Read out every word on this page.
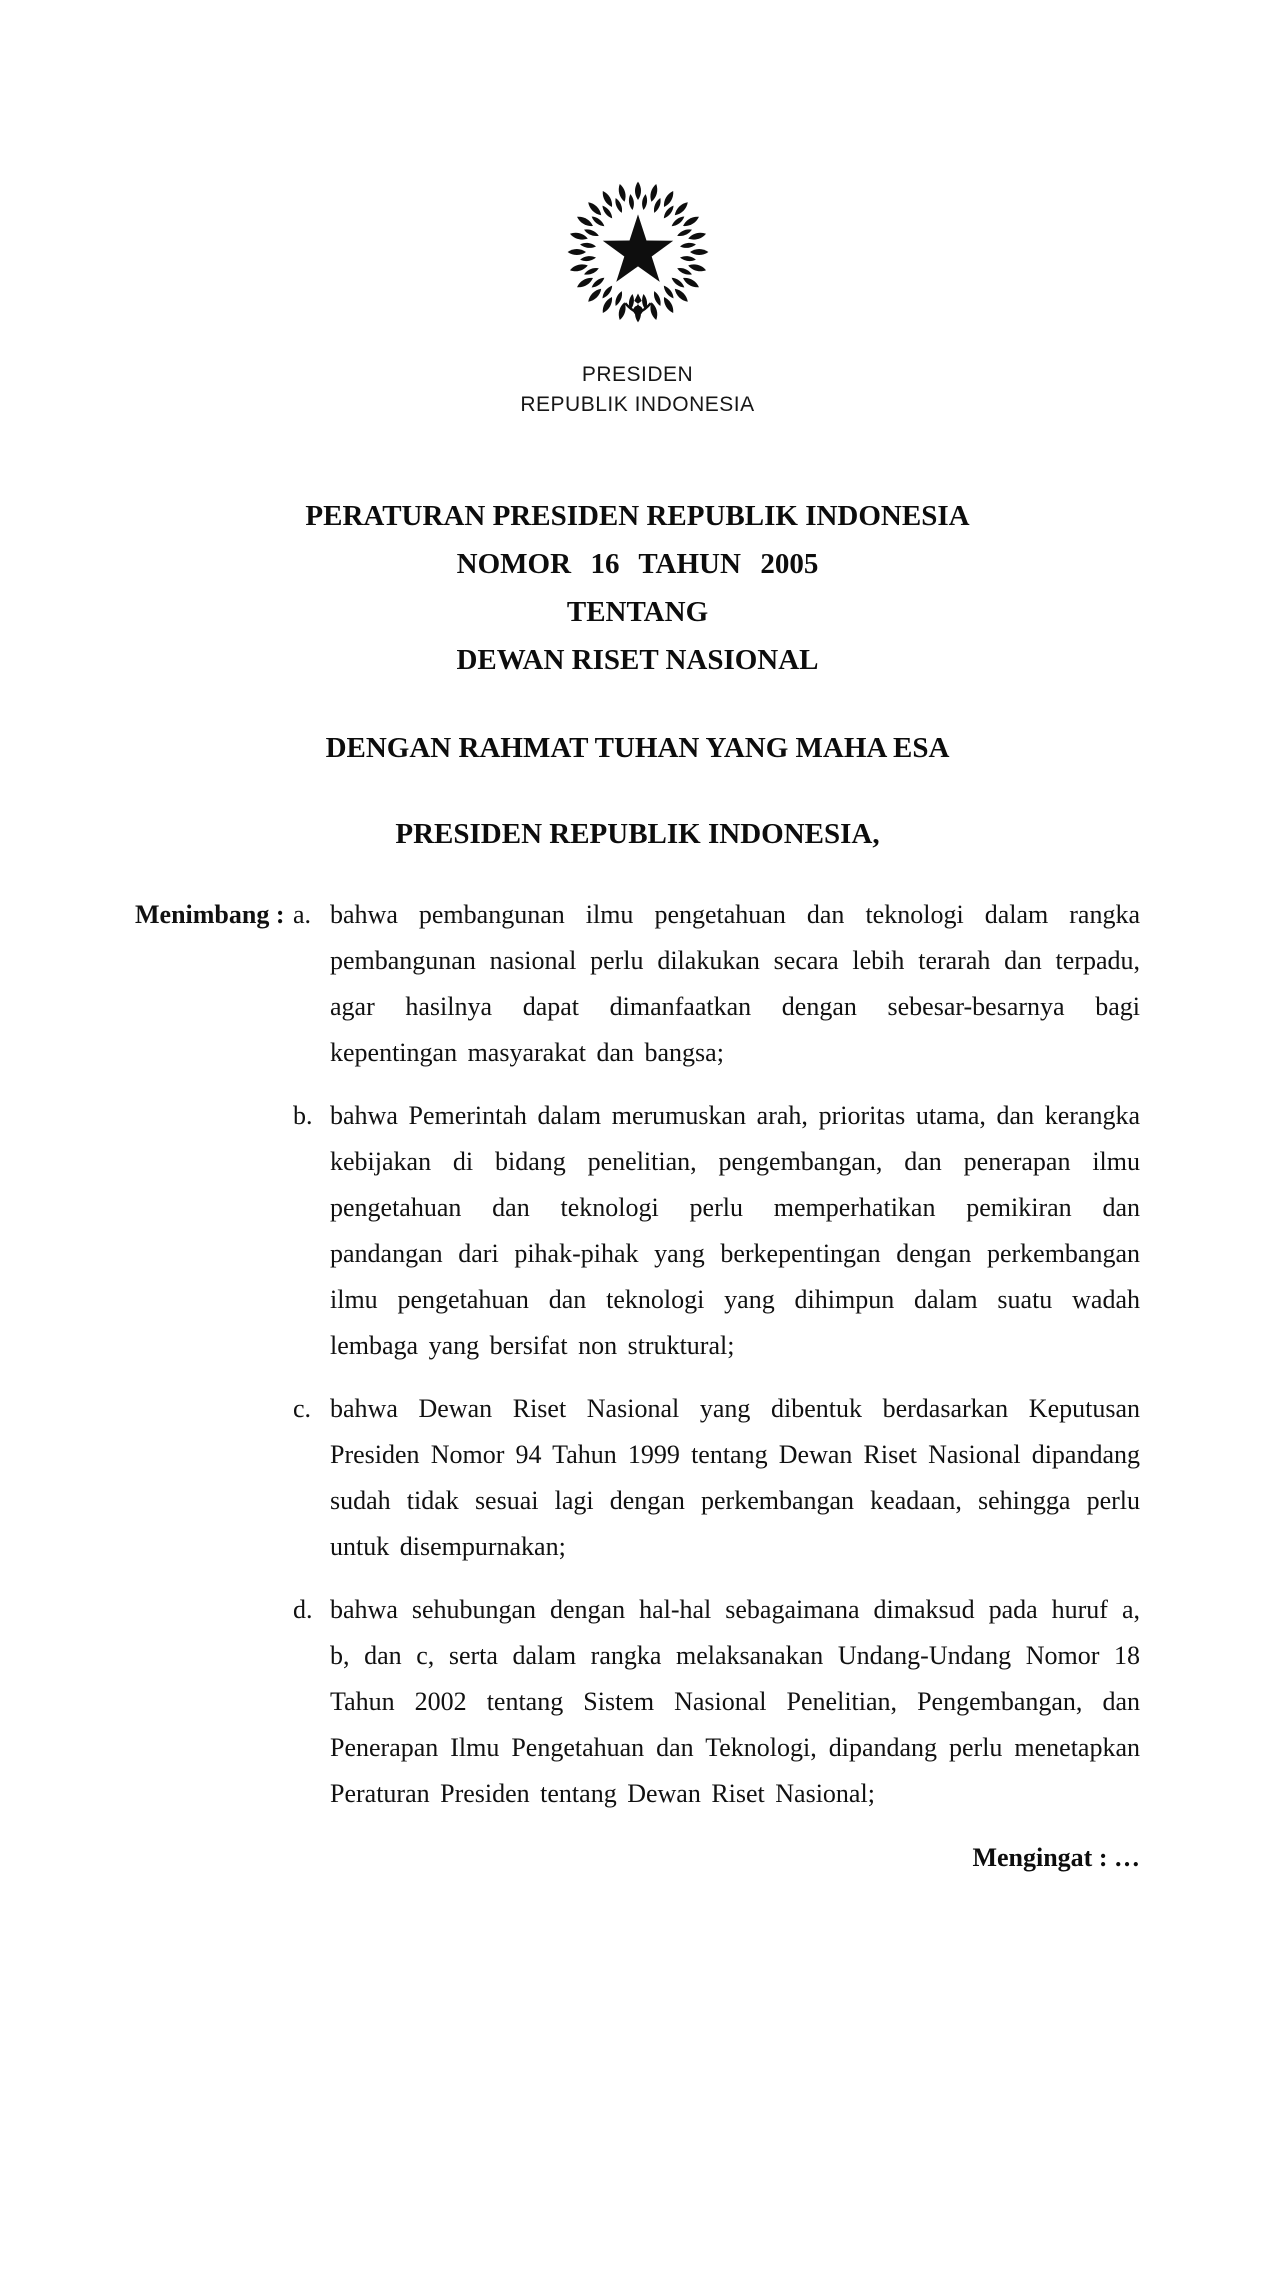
PRESIDEN
REPUBLIK INDONESIA
PERATURAN PRESIDEN REPUBLIK INDONESIA
NOMOR 16 TAHUN 2005
TENTANG
DEWAN RISET NASIONAL
DENGAN RAHMAT TUHAN YANG MAHA ESA
PRESIDEN REPUBLIK INDONESIA,
Menimbang : a. bahwa pembangunan ilmu pengetahuan dan teknologi dalam rangka pembangunan nasional perlu dilakukan secara lebih terarah dan terpadu, agar hasilnya dapat dimanfaatkan dengan sebesar-besarnya bagi kepentingan masyarakat dan bangsa;
b. bahwa Pemerintah dalam merumuskan arah, prioritas utama, dan kerangka kebijakan di bidang penelitian, pengembangan, dan penerapan ilmu pengetahuan dan teknologi perlu memperhatikan pemikiran dan pandangan dari pihak-pihak yang berkepentingan dengan perkembangan ilmu pengetahuan dan teknologi yang dihimpun dalam suatu wadah lembaga yang bersifat non struktural;
c. bahwa Dewan Riset Nasional yang dibentuk berdasarkan Keputusan Presiden Nomor 94 Tahun 1999 tentang Dewan Riset Nasional dipandang sudah tidak sesuai lagi dengan perkembangan keadaan, sehingga perlu untuk disempurnakan;
d. bahwa sehubungan dengan hal-hal sebagaimana dimaksud pada huruf a, b, dan c, serta dalam rangka melaksanakan Undang-Undang Nomor 18 Tahun 2002 tentang Sistem Nasional Penelitian, Pengembangan, dan Penerapan Ilmu Pengetahuan dan Teknologi, dipandang perlu menetapkan Peraturan Presiden tentang Dewan Riset Nasional;
Mengingat : …
